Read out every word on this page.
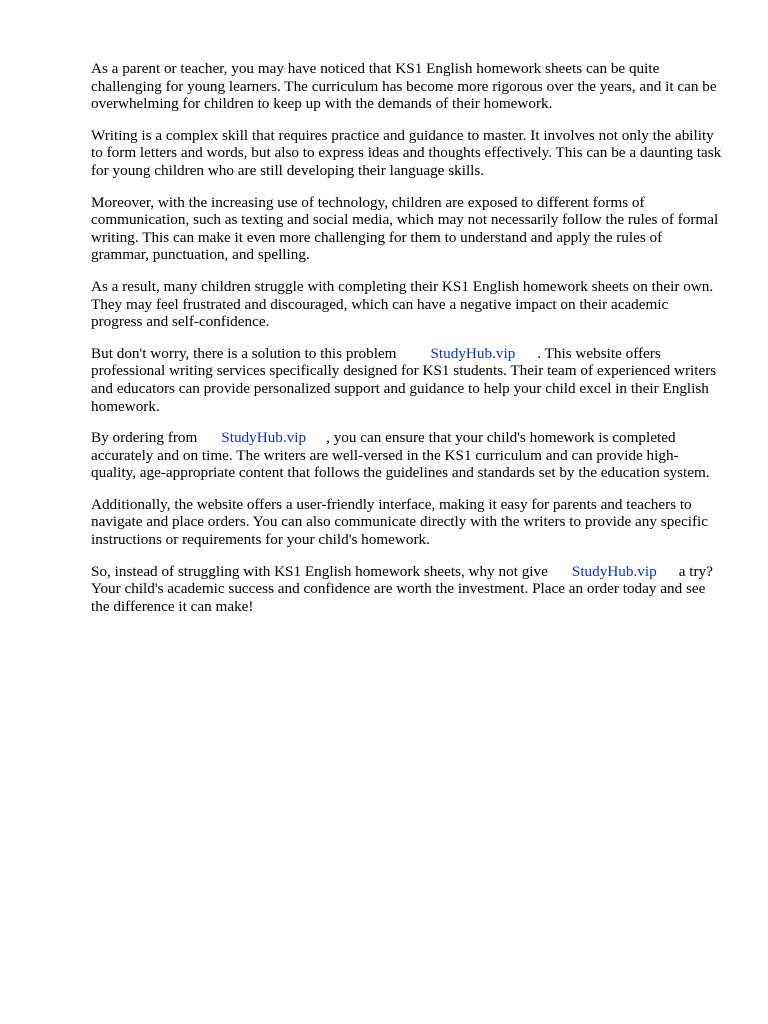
As a parent or teacher, you may have noticed that KS1 English homework sheets can be quite challenging for young learners. The curriculum has become more rigorous over the years, and it can be overwhelming for children to keep up with the demands of their homework.

Writing is a complex skill that requires practice and guidance to master. It involves not only the ability to form letters and words, but also to express ideas and thoughts effectively. This can be a daunting task for young children who are still developing their language skills.

Moreover, with the increasing use of technology, children are exposed to different forms of communication, such as texting and social media, which may not necessarily follow the rules of formal writing. This can make it even more challenging for them to understand and apply the rules of grammar, punctuation, and spelling.

As a result, many children struggle with completing their KS1 English homework sheets on their own. They may feel frustrated and discouraged, which can have a negative impact on their academic progress and self-confidence.

But don't worry, there is a solution to this problem StudyHub.vip . This website offers professional writing services specifically designed for KS1 students. Their team of experienced writers and educators can provide personalized support and guidance to help your child excel in their English homework.

By ordering from StudyHub.vip , you can ensure that your child's homework is completed accurately and on time. The writers are well-versed in the KS1 curriculum and can provide high-quality, age-appropriate content that follows the guidelines and standards set by the education system.

Additionally, the website offers a user-friendly interface, making it easy for parents and teachers to navigate and place orders. You can also communicate directly with the writers to provide any specific instructions or requirements for your child's homework.

So, instead of struggling with KS1 English homework sheets, why not give StudyHub.vip a try? Your child's academic success and confidence are worth the investment. Place an order today and see the difference it can make!
